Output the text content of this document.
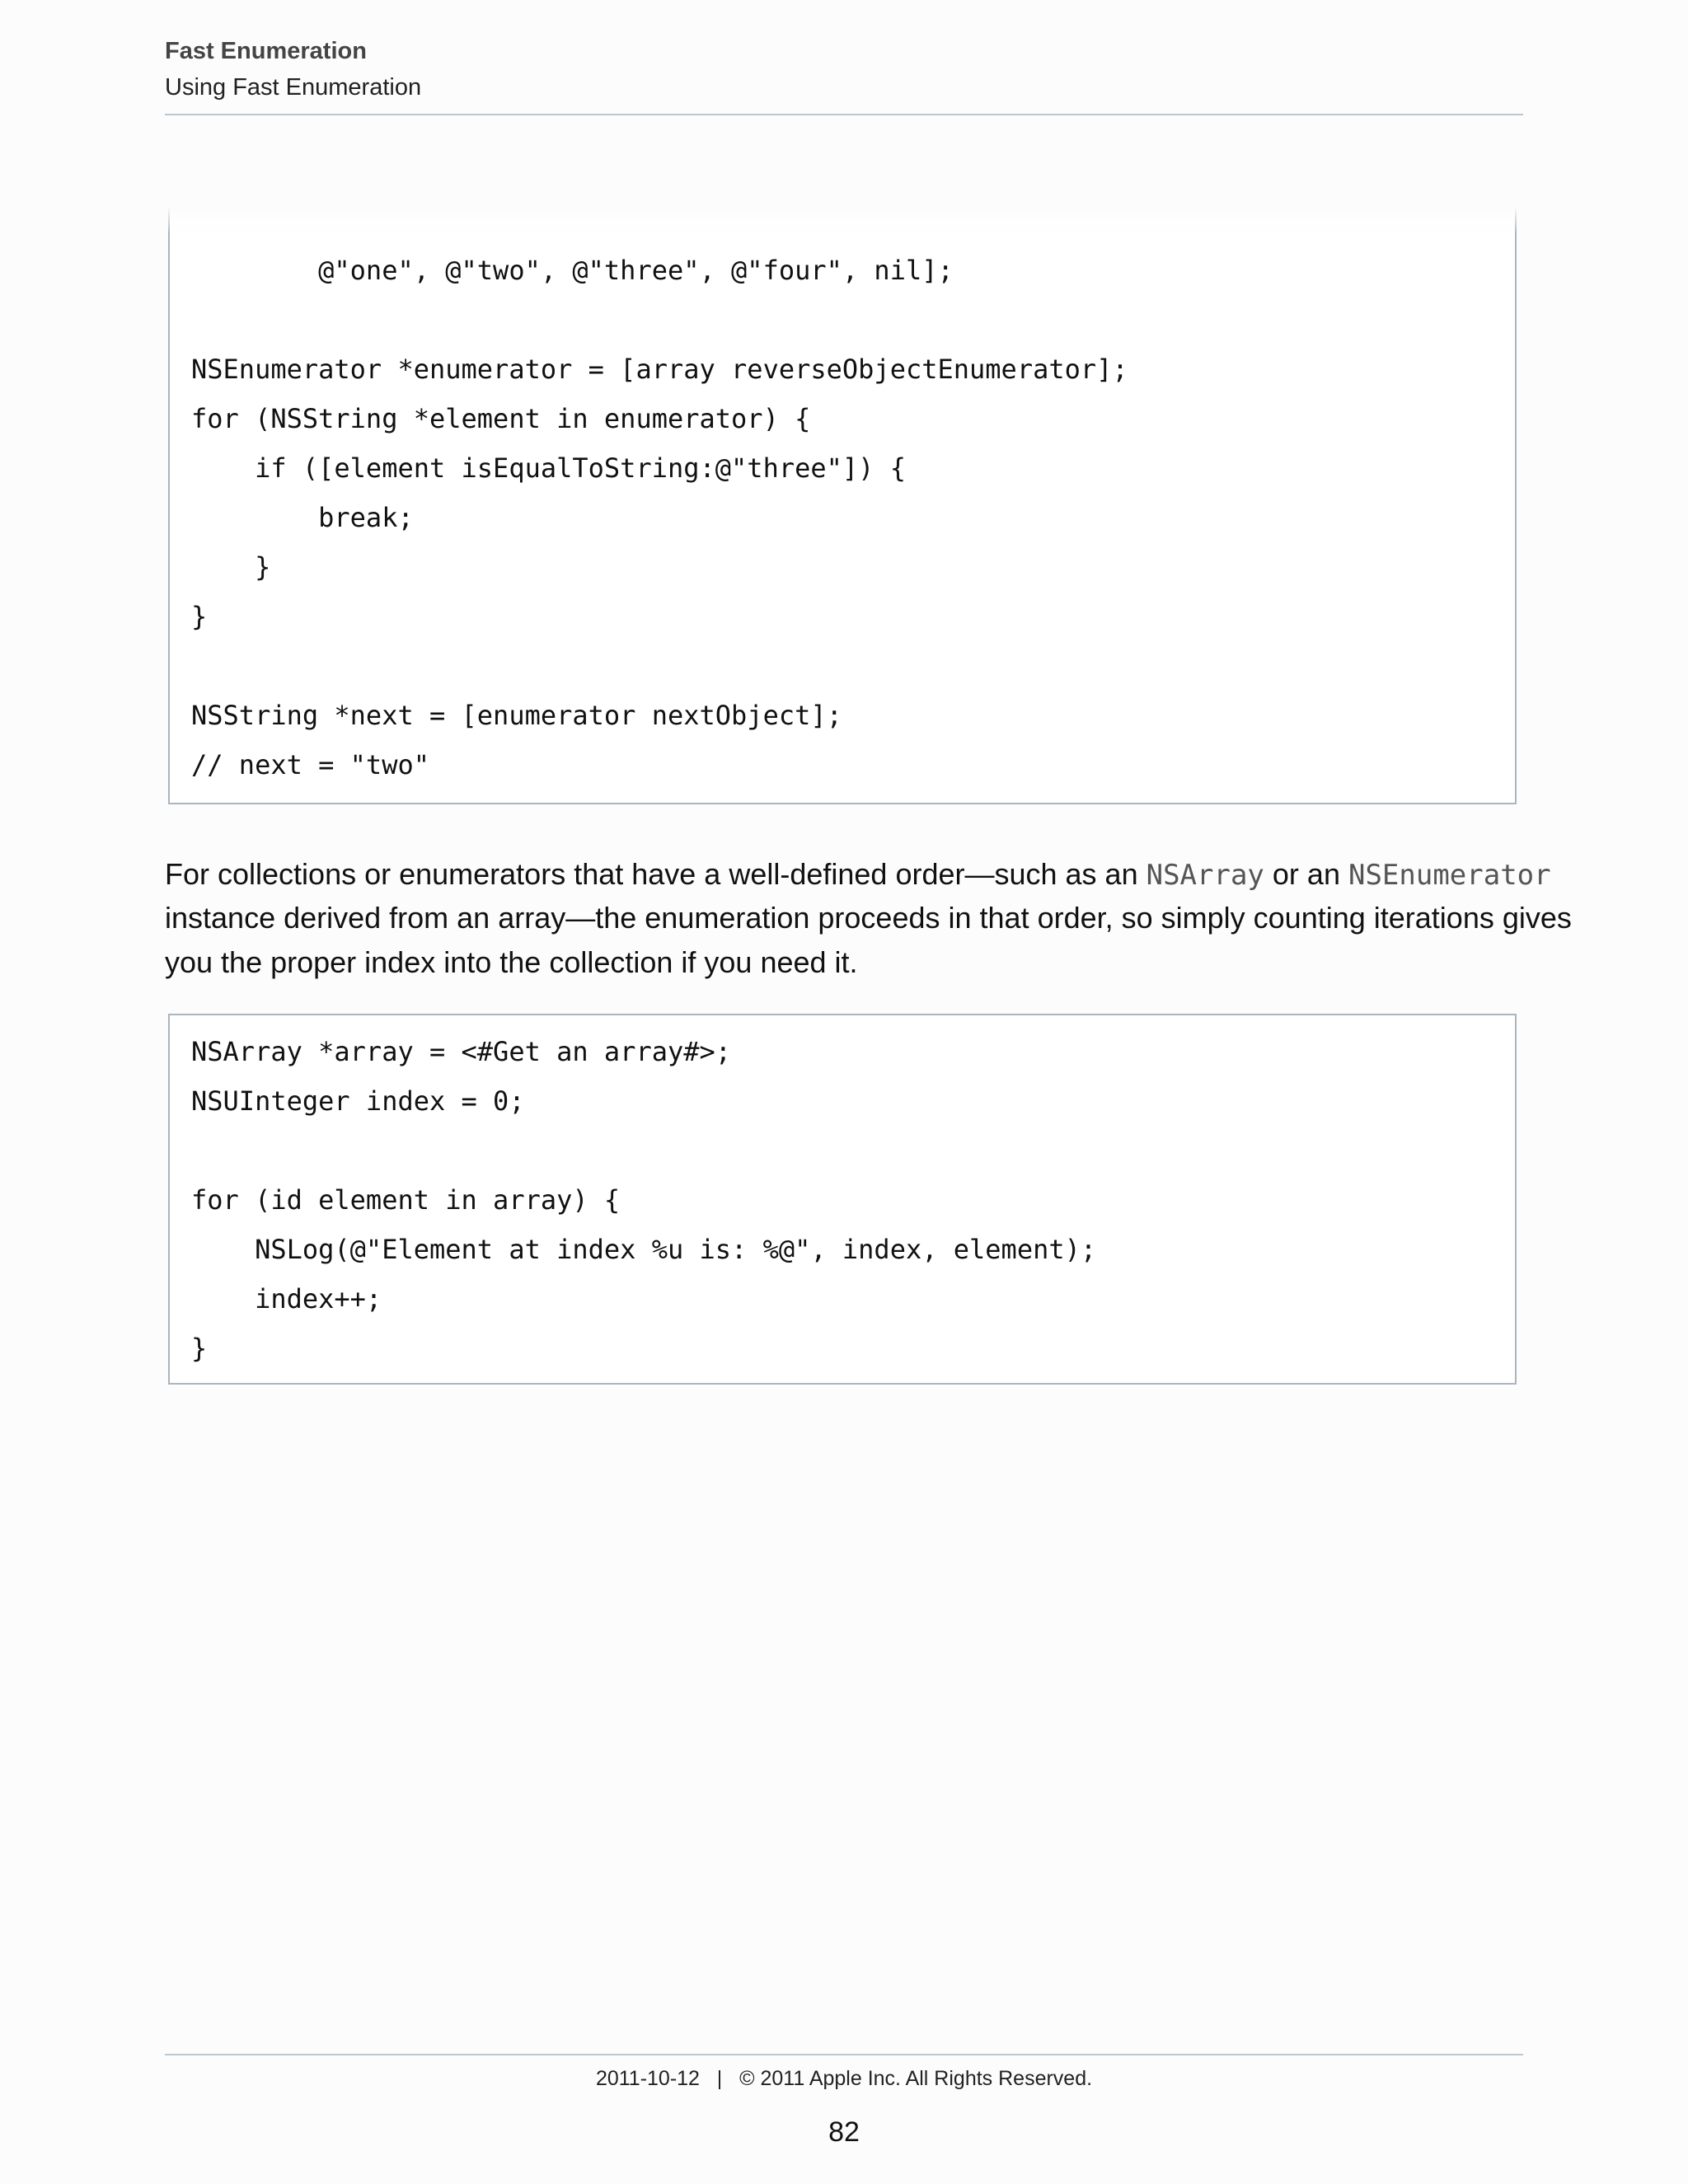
Fast Enumeration
Using Fast Enumeration
@"one", @"two", @"three", @"four", nil];
NSEnumerator *enumerator = [array reverseObjectEnumerator];
for (NSString *element in enumerator) {
if ([element isEqualToString:@"three"]) {
break;
}
}
NSString *next = [enumerator nextObject];
// next = "two"
For collections or enumerators that have a well-defined order—such as an NSArray or an NSEnumerator
instance derived from an array—the enumeration proceeds in that order, so simply counting iterations gives
you the proper index into the collection if you need it.
NSArray *array = <#Get an array#>;
NSUInteger index = 0;
for (id element in array) {
NSLog(@"Element at index %u is: %@", index, element);
index++;
}
2011-10-12   |   © 2011 Apple Inc. All Rights Reserved.
82
